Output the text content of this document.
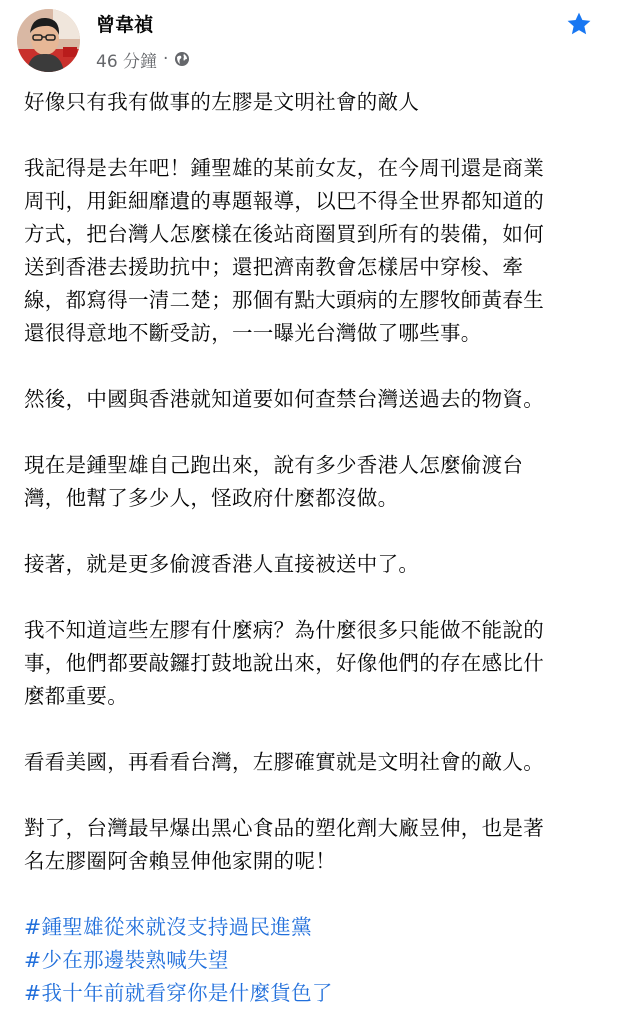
曾韋禎
46 分鐘 ·
好像只有我有做事的左膠是文明社會的敵人
我記得是去年吧！鍾聖雄的某前女友，在今周刊還是商業
周刊，用鉅細靡遺的專題報導，以巴不得全世界都知道的
方式，把台灣人怎麼樣在後站商圈買到所有的裝備，如何
送到香港去援助抗中；還把濟南教會怎樣居中穿梭、牽
線，都寫得一清二楚；那個有點大頭病的左膠牧師黃春生
還很得意地不斷受訪，一一曝光台灣做了哪些事。
然後，中國與香港就知道要如何查禁台灣送過去的物資。
現在是鍾聖雄自己跑出來，說有多少香港人怎麼偷渡台
灣，他幫了多少人，怪政府什麼都沒做。
接著，就是更多偷渡香港人直接被送中了。
我不知道這些左膠有什麼病？為什麼很多只能做不能說的
事，他們都要敲鑼打鼓地說出來，好像他們的存在感比什
麼都重要。
看看美國，再看看台灣，左膠確實就是文明社會的敵人。
對了，台灣最早爆出黑心食品的塑化劑大廠昱伸，也是著
名左膠圈阿舍賴昱伸他家開的呢！
#鍾聖雄從來就沒支持過民進黨
#少在那邊裝熟喊失望
#我十年前就看穿你是什麼貨色了
